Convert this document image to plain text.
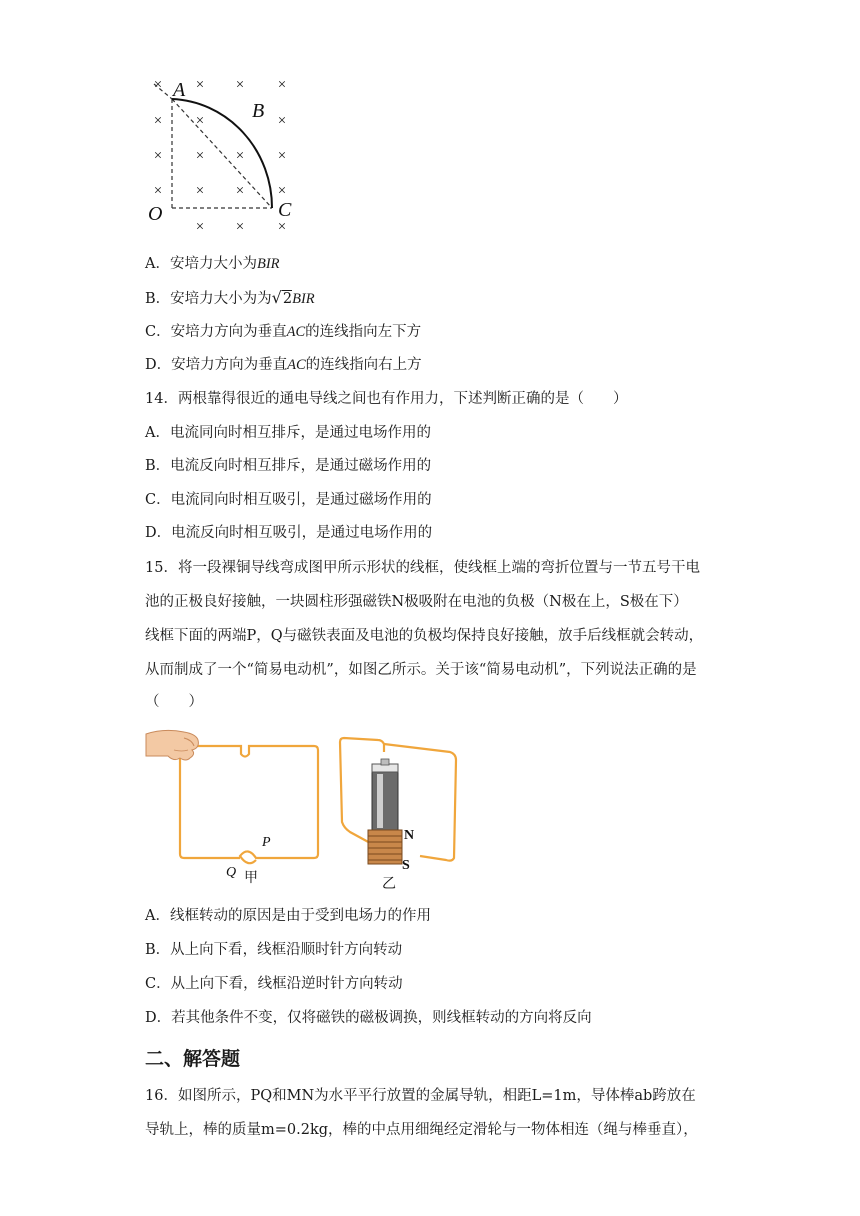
× × × ×
× ×	×
× × × ×
× × × ×
× × ×
A
B
O	C
A．安培力大小为BIR
B．安培力大小为为√2BIR
C．安培力方向为垂直AC的连线指向左下方
D．安培力方向为垂直AC的连线指向右上方
14．两根靠得很近的通电导线之间也有作用力，下述判断正确的是（　　）
A．电流同向时相互排斥，是通过电场作用的
B．电流反向时相互排斥，是通过磁场作用的
C．电流同向时相互吸引，是通过磁场作用的
D．电流反向时相互吸引，是通过电场作用的
15．将一段裸铜导线弯成图甲所示形状的线框，使线框上端的弯折位置与一节五号干电
池的正极良好接触，一块圆柱形强磁铁N极吸附在电池的负极（N极在上，S极在下）
线框下面的两端P，Q与磁铁表面及电池的负极均保持良好接触，放手后线框就会转动，
从而制成了一个“简易电动机”，如图乙所示。关于该“简易电动机”，下列说法正确的是
（　　）
P
Q 甲
N
S
乙
A．线框转动的原因是由于受到电场力的作用
B．从上向下看，线框沿顺时针方向转动
C．从上向下看，线框沿逆时针方向转动
D．若其他条件不变，仅将磁铁的磁极调换，则线框转动的方向将反向
二、解答题
16．如图所示，PQ和MN为水平平行放置的金属导轨，相距L=1m，导体棒ab跨放在
导轨上，棒的质量m=0.2kg，棒的中点用细绳经定滑轮与一物体相连（绳与棒垂直），
